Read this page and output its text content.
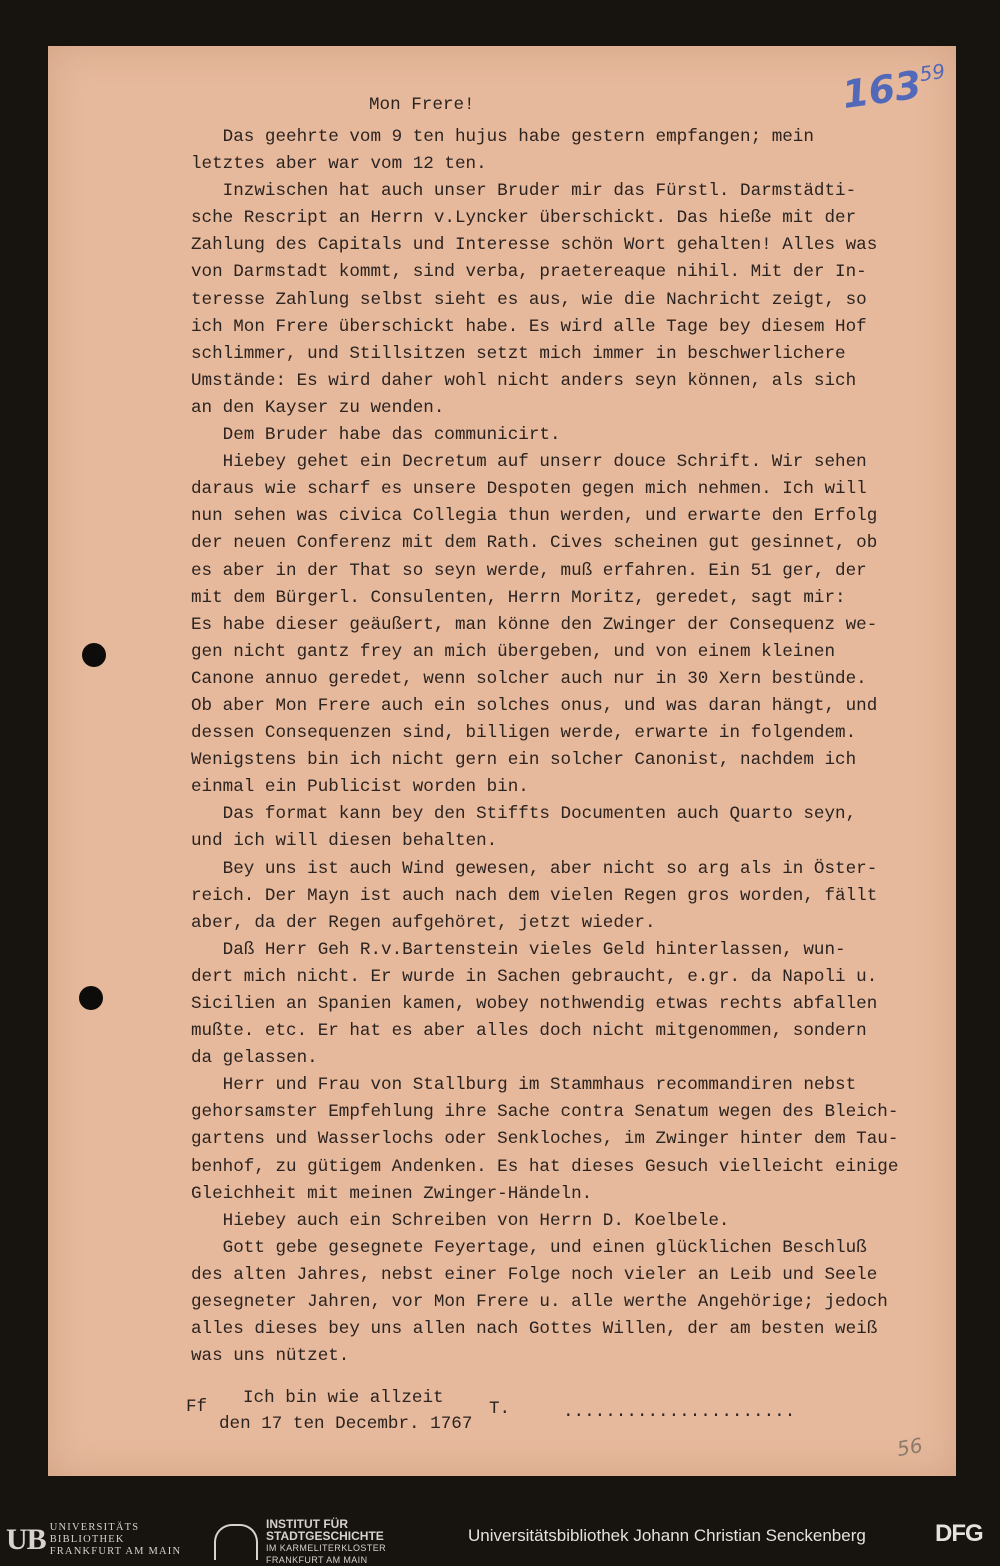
$163^{59}$
Mon Frere!
Das geehrte vom 9 ten hujus habe gestern empfangen; mein
letztes aber war vom 12 ten.
Inzwischen hat auch unser Bruder mir das Fürstl. Darmstädti-
sche Rescript an Herrn v.Lyncker überschickt. Das hieße mit der
Zahlung des Capitals und Interesse schön Wort gehalten! Alles was
von Darmstadt kommt, sind verba, praetereaque nihil. Mit der In-
teresse Zahlung selbst sieht es aus, wie die Nachricht zeigt, so
ich Mon Frere überschickt habe. Es wird alle Tage bey diesem Hof
schlimmer, und Stillsitzen setzt mich immer in beschwerlichere
Umstände: Es wird daher wohl nicht anders seyn können, als sich
an den Kayser zu wenden.
Dem Bruder habe das communicirt.
Hiebey gehet ein Decretum auf unserr douce Schrift. Wir sehen
daraus wie scharf es unsere Despoten gegen mich nehmen. Ich will
nun sehen was civica Collegia thun werden, und erwarte den Erfolg
der neuen Conferenz mit dem Rath. Cives scheinen gut gesinnet, ob
es aber in der That so seyn werde, muß erfahren. Ein 51 ger, der
mit dem Bürgerl. Consulenten, Herrn Moritz, geredet, sagt mir:
Es habe dieser geäußert, man könne den Zwinger der Consequenz we-
gen nicht gantz frey an mich übergeben, und von einem kleinen
Canone annuo geredet, wenn solcher auch nur in 30 Xern bestünde.
Ob aber Mon Frere auch ein solches onus, und was daran hängt, und
dessen Consequenzen sind, billigen werde, erwarte in folgendem.
Wenigstens bin ich nicht gern ein solcher Canonist, nachdem ich
einmal ein Publicist worden bin.
Das format kann bey den Stiffts Documenten auch Quarto seyn,
und ich will diesen behalten.
Bey uns ist auch Wind gewesen, aber nicht so arg als in Öster-
reich. Der Mayn ist auch nach dem vielen Regen gros worden, fällt
aber, da der Regen aufgehöret, jetzt wieder.
Daß Herr Geh R.v.Bartenstein vieles Geld hinterlassen, wun-
dert mich nicht. Er wurde in Sachen gebraucht, e.gr. da Napoli u.
Sicilien an Spanien kamen, wobey nothwendig etwas rechts abfallen
mußte. etc. Er hat es aber alles doch nicht mitgenommen, sondern
da gelassen.
Herr und Frau von Stallburg im Stammhaus recommandiren nebst
gehorsamster Empfehlung ihre Sache contra Senatum wegen des Bleich-
gartens und Wasserlochs oder Senkloches, im Zwinger hinter dem Tau-
benhof, zu gütigem Andenken. Es hat dieses Gesuch vielleicht einige
Gleichheit mit meinen Zwinger-Händeln.
Hiebey auch ein Schreiben von Herrn D. Koelbele.
Gott gebe gesegnete Feyertage, und einen glücklichen Beschluß
des alten Jahres, nebst einer Folge noch vieler an Leib und Seele
gesegneter Jahren, vor Mon Frere u. alle werthe Angehörige; jedoch
alles dieses bey uns allen nach Gottes Willen, der am besten weiß
was uns nützet.
Ff Ich bin wie allzeit
T.	......................
den 17 ten Decembr. 1767
56
UB UNIVERSITÄTS
BIBLIOTHEK
FRANKFURT AM MAIN
INSTITUT FÜR
STADTGESCHICHTE
IM KARMELITERKLOSTER
FRANKFURT AM MAIN
Universitätsbibliothek Johann Christian Senckenberg	DFG
